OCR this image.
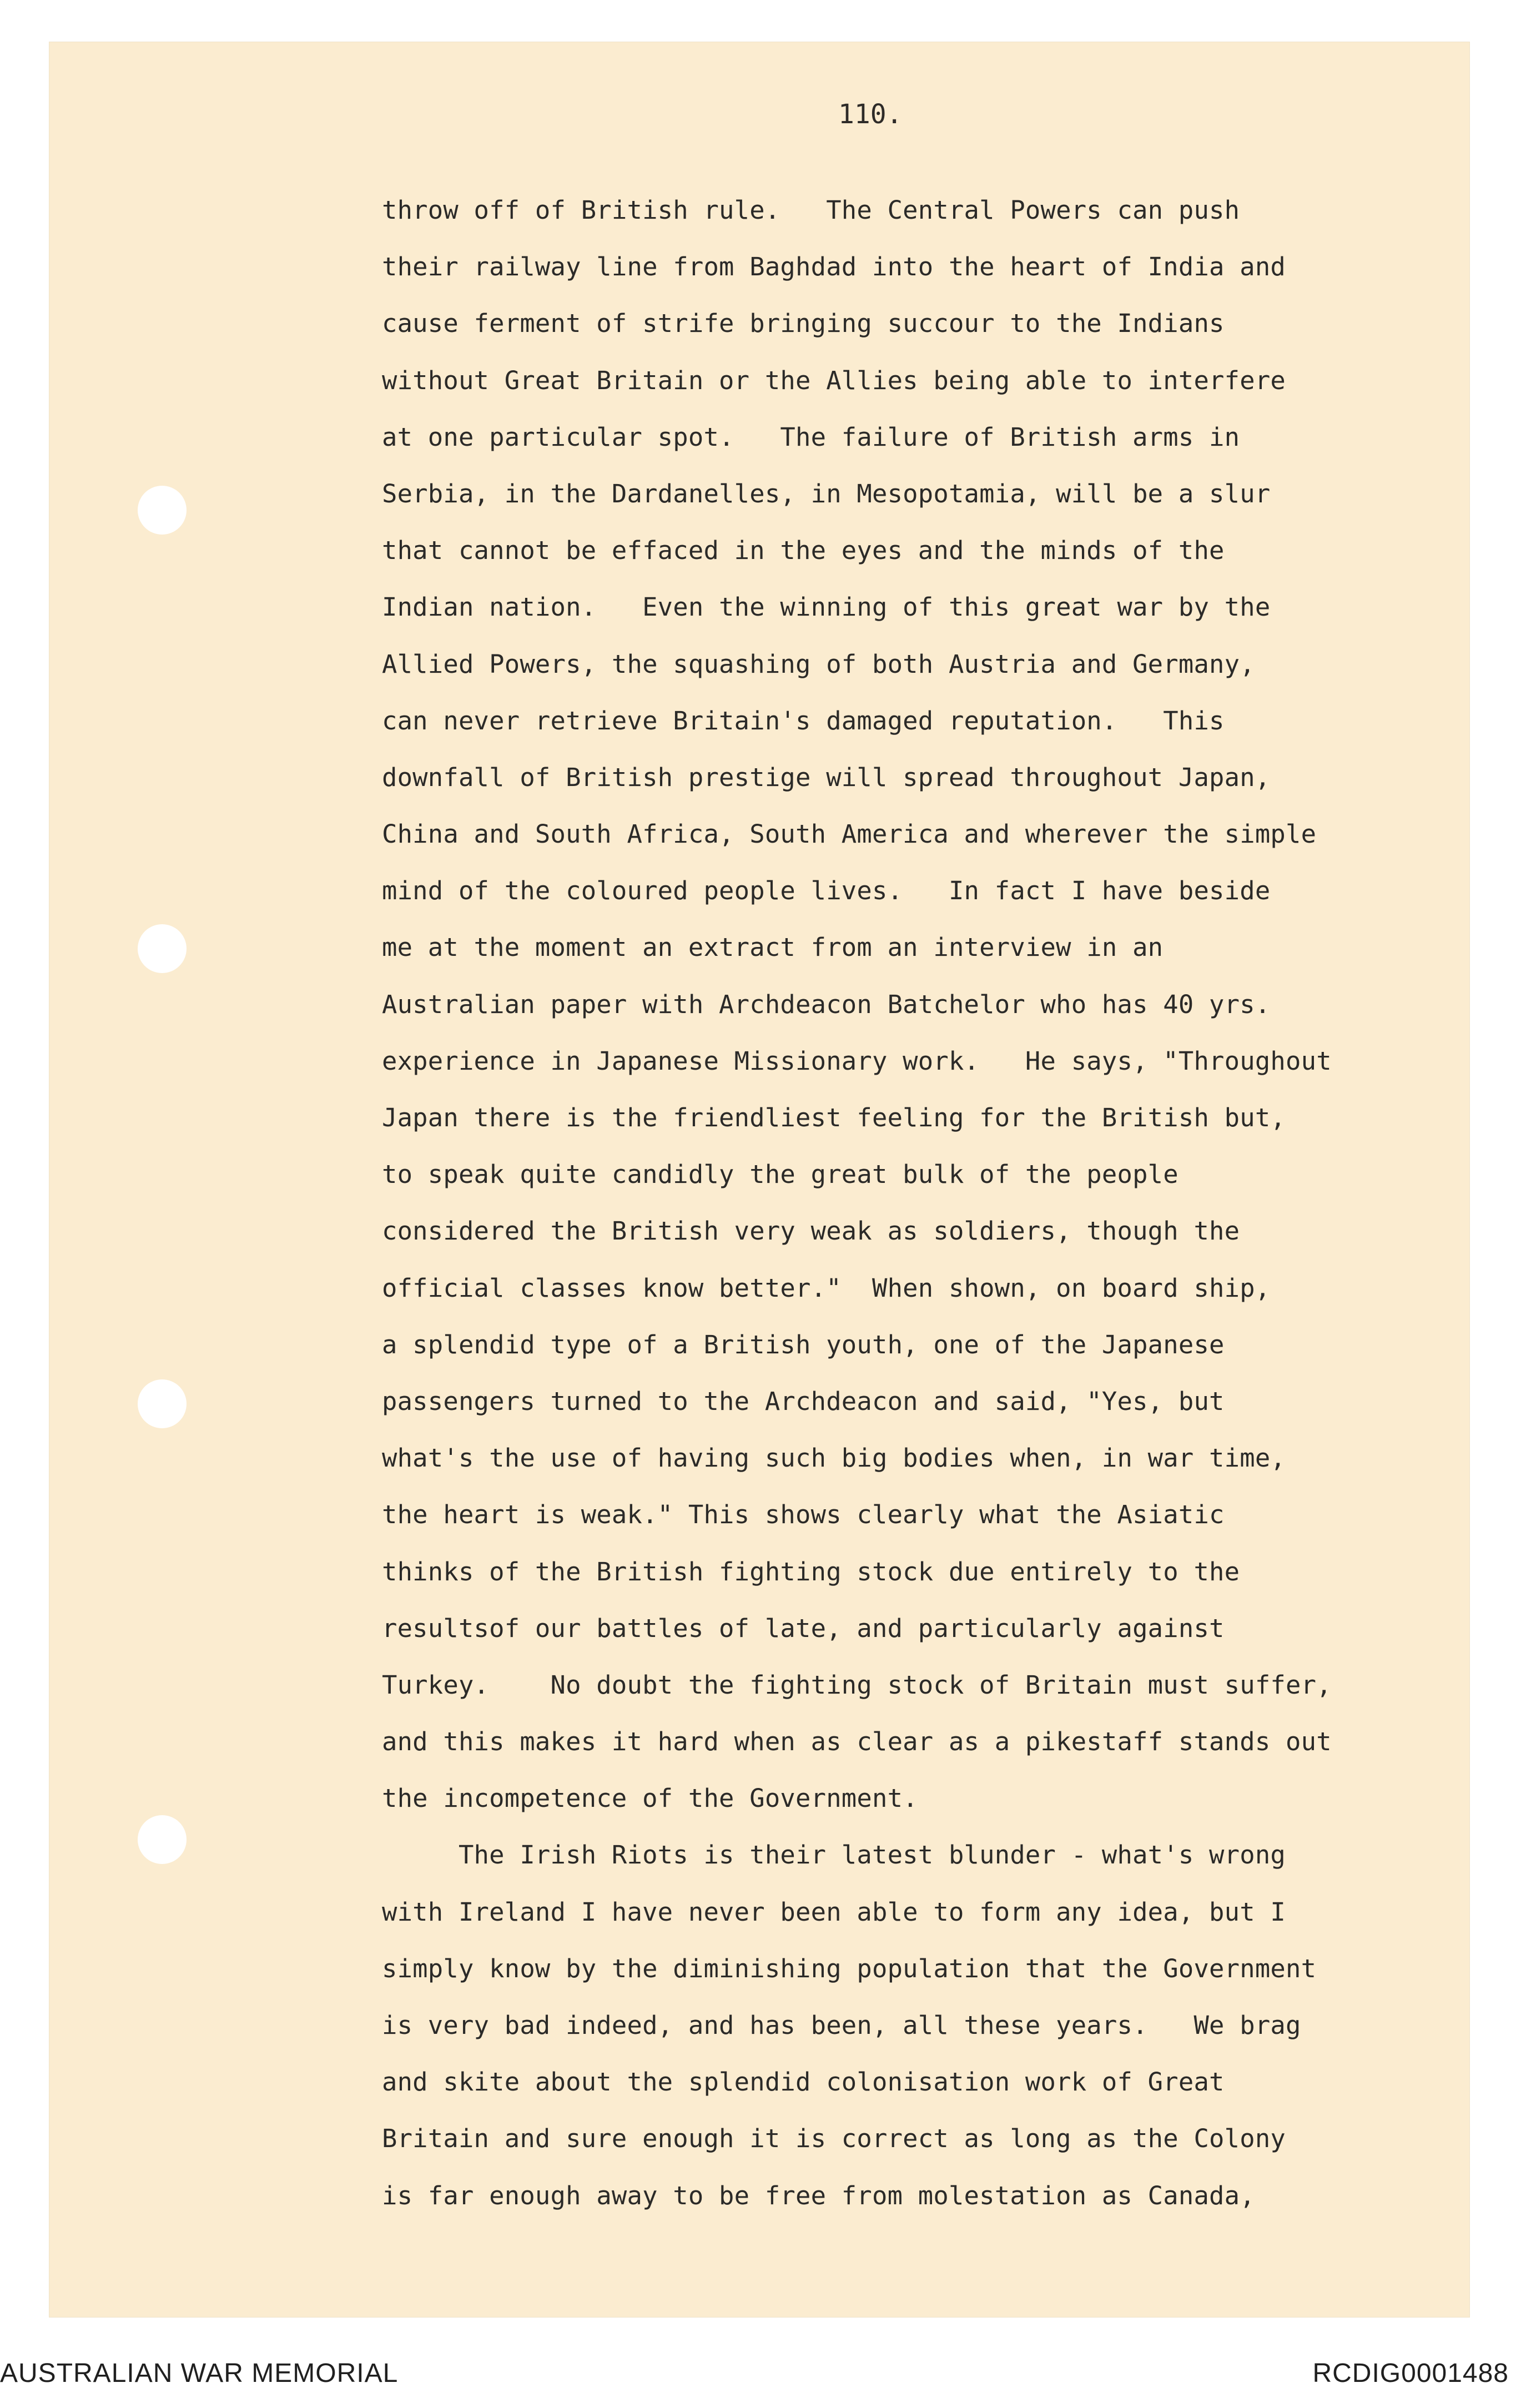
110.
throw off of British rule.   The Central Powers can push
their railway line from Baghdad into the heart of India and
cause ferment of strife bringing succour to the Indians
without Great Britain or the Allies being able to interfere
at one particular spot.   The failure of British arms in
Serbia, in the Dardanelles, in Mesopotamia, will be a slur
that cannot be effaced in the eyes and the minds of the
Indian nation.   Even the winning of this great war by the
Allied Powers, the squashing of both Austria and Germany,
can never retrieve Britain's damaged reputation.   This
downfall of British prestige will spread throughout Japan,
China and South Africa, South America and wherever the simple
mind of the coloured people lives.   In fact I have beside
me at the moment an extract from an interview in an
Australian paper with Archdeacon Batchelor who has 40 yrs.
experience in Japanese Missionary work.   He says, "Throughout
Japan there is the friendliest feeling for the British but,
to speak quite candidly the great bulk of the people
considered the British very weak as soldiers, though the
official classes know better."  When shown, on board ship,
a splendid type of a British youth, one of the Japanese
passengers turned to the Archdeacon and said, "Yes, but
what's the use of having such big bodies when, in war time,
the heart is weak." This shows clearly what the Asiatic
thinks of the British fighting stock due entirely to the
resultsof our battles of late, and particularly against
Turkey.    No doubt the fighting stock of Britain must suffer,
and this makes it hard when as clear as a pikestaff stands out
the incompetence of the Government.
The Irish Riots is their latest blunder - what's wrong
with Ireland I have never been able to form any idea, but I
simply know by the diminishing population that the Government
is very bad indeed, and has been, all these years.   We brag
and skite about the splendid colonisation work of Great
Britain and sure enough it is correct as long as the Colony
is far enough away to be free from molestation as Canada,
AUSTRALIAN WAR MEMORIAL	RCDIG0001488
